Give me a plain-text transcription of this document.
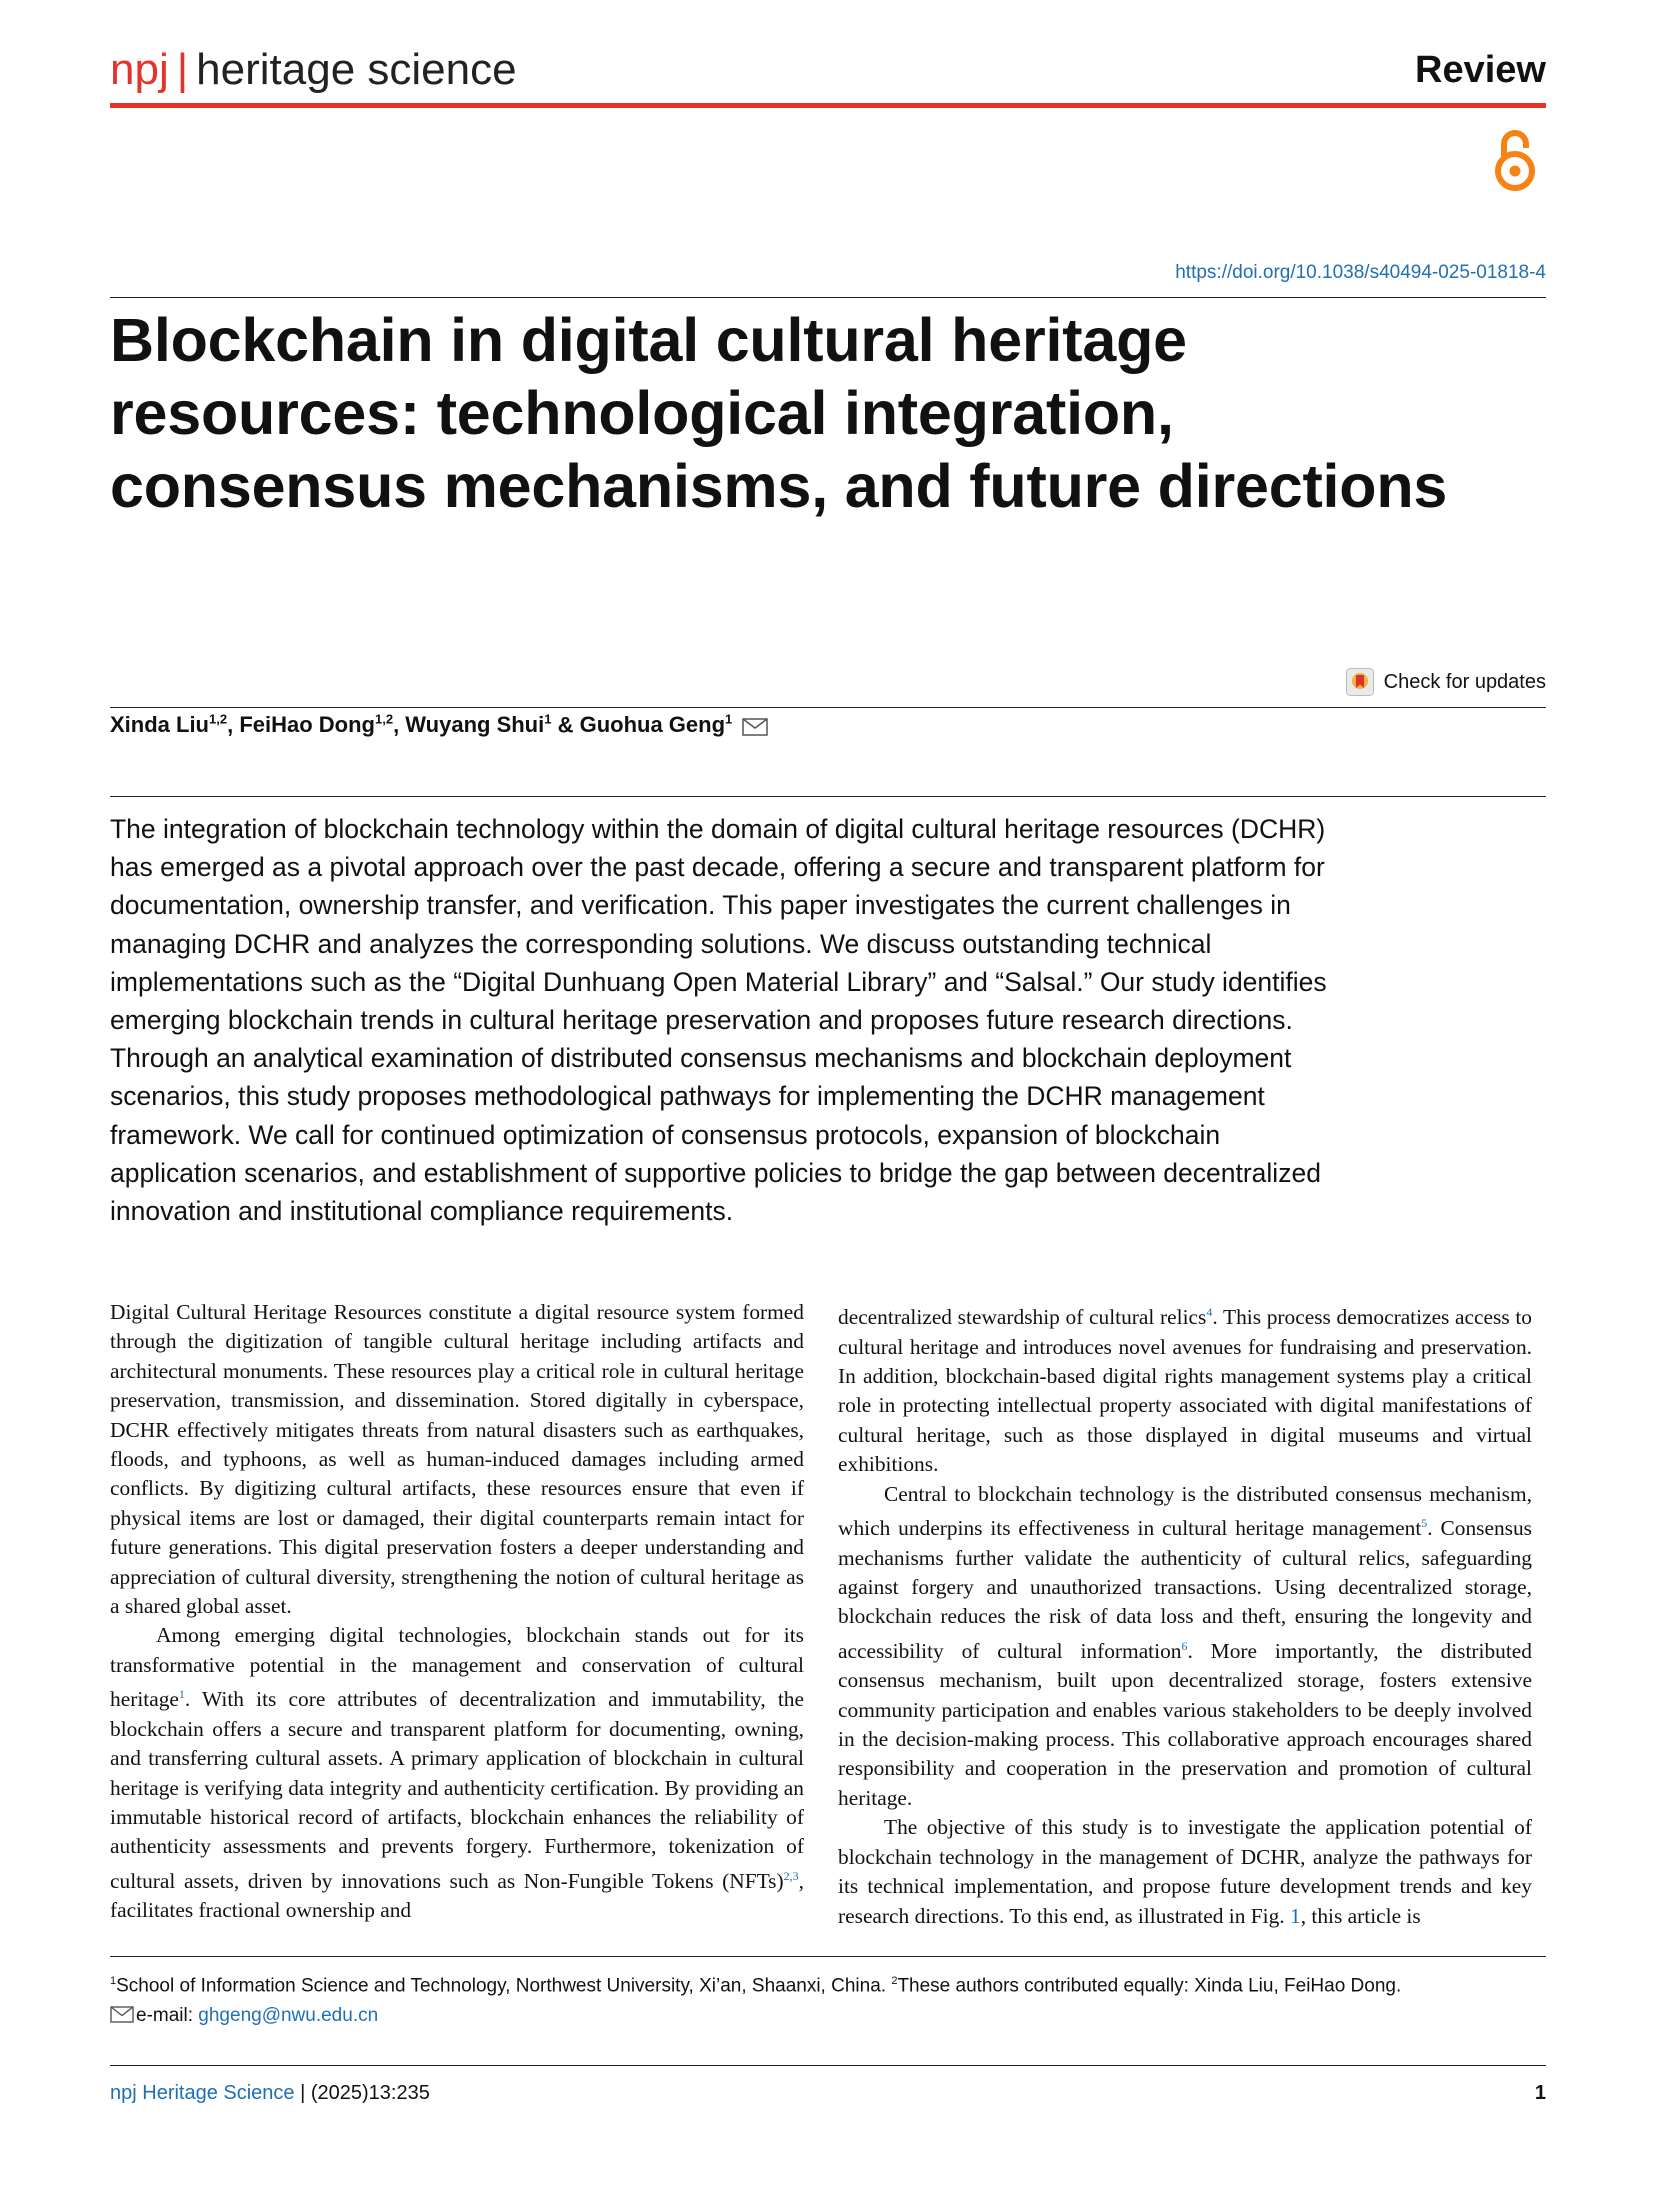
npj | heritage science	Review
https://doi.org/10.1038/s40494-025-01818-4
Blockchain in digital cultural heritage resources: technological integration, consensus mechanisms, and future directions
Check for updates
Xinda Liu$^{1,2}$, FeiHao Dong$^{1,2}$, Wuyang Shui$^1$ & Guohua Geng$^1$

The integration of blockchain technology within the domain of digital cultural heritage resources (DCHR) has emerged as a pivotal approach over the past decade, offering a secure and transparent platform for documentation, ownership transfer, and verification. This paper investigates the current challenges in managing DCHR and analyzes the corresponding solutions. We discuss outstanding technical implementations such as the “Digital Dunhuang Open Material Library” and “Salsal.” Our study identifies emerging blockchain trends in cultural heritage preservation and proposes future research directions. Through an analytical examination of distributed consensus mechanisms and blockchain deployment scenarios, this study proposes methodological pathways for implementing the DCHR management framework. We call for continued optimization of consensus protocols, expansion of blockchain application scenarios, and establishment of supportive policies to bridge the gap between decentralized innovation and institutional compliance requirements.

Digital Cultural Heritage Resources constitute a digital resource system formed through the digitization of tangible cultural heritage including artifacts and architectural monuments. These resources play a critical role in cultural heritage preservation, transmission, and dissemination. Stored digitally in cyberspace, DCHR effectively mitigates threats from natural disasters such as earthquakes, floods, and typhoons, as well as human-induced damages including armed conflicts. By digitizing cultural artifacts, these resources ensure that even if physical items are lost or damaged, their digital counterparts remain intact for future generations. This digital preservation fosters a deeper understanding and appreciation of cultural diversity, strengthening the notion of cultural heritage as a shared global asset.

Among emerging digital technologies, blockchain stands out for its transformative potential in the management and conservation of cultural heritage$^1$. With its core attributes of decentralization and immutability, the blockchain offers a secure and transparent platform for documenting, owning, and transferring cultural assets. A primary application of blockchain in cultural heritage is verifying data integrity and authenticity certification. By providing an immutable historical record of artifacts, blockchain enhances the reliability of authenticity assessments and prevents forgery. Furthermore, tokenization of cultural assets, driven by innovations such as Non-Fungible Tokens (NFTs)$^{2,3}$, facilitates fractional ownership and

decentralized stewardship of cultural relics$^4$. This process democratizes access to cultural heritage and introduces novel avenues for fundraising and preservation. In addition, blockchain-based digital rights management systems play a critical role in protecting intellectual property associated with digital manifestations of cultural heritage, such as those displayed in digital museums and virtual exhibitions.

Central to blockchain technology is the distributed consensus mechanism, which underpins its effectiveness in cultural heritage management$^5$. Consensus mechanisms further validate the authenticity of cultural relics, safeguarding against forgery and unauthorized transactions. Using decentralized storage, blockchain reduces the risk of data loss and theft, ensuring the longevity and accessibility of cultural information$^6$. More importantly, the distributed consensus mechanism, built upon decentralized storage, fosters extensive community participation and enables various stakeholders to be deeply involved in the decision-making process. This collaborative approach encourages shared responsibility and cooperation in the preservation and promotion of cultural heritage.

The objective of this study is to investigate the application potential of blockchain technology in the management of DCHR, analyze the pathways for its technical implementation, and propose future development trends and key research directions. To this end, as illustrated in Fig. 1, this article is

$^1$School of Information Science and Technology, Northwest University, Xi’an, Shaanxi, China. $^2$These authors contributed equally: Xinda Liu, FeiHao Dong.
e-mail: ghgeng@nwu.edu.cn
npj Heritage Science | (2025)13:235	1
